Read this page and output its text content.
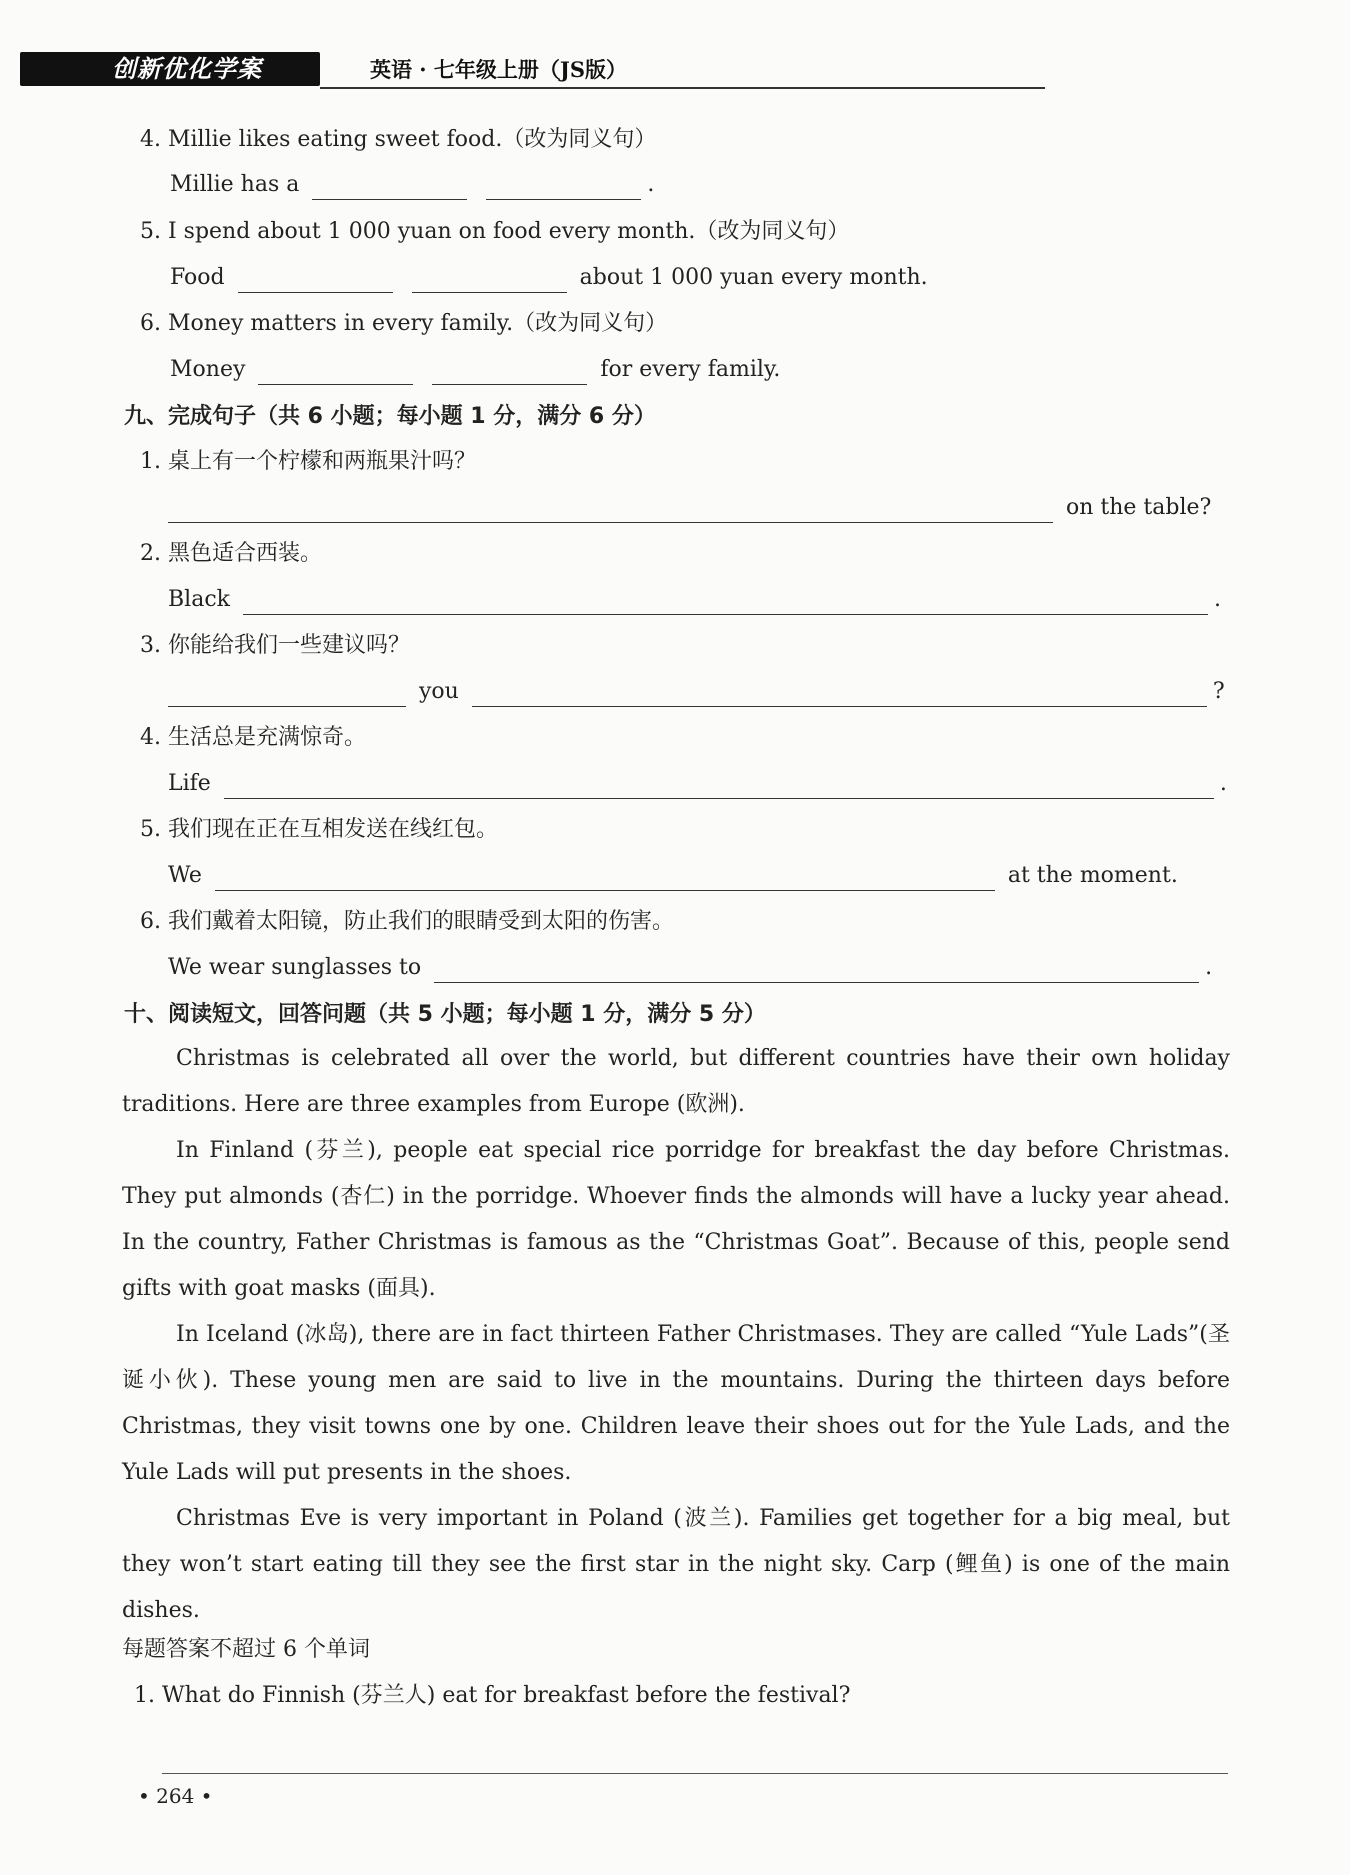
创新优化学案	英语 · 七年级上册（JS版）
4. Millie likes eating sweet food.（改为同义句）
Millie has a	.
5. I spend about 1 000 yuan on food every month.（改为同义句）
Food	about 1 000 yuan every month.
6. Money matters in every family.（改为同义句）
Money	for every family.
九、完成句子（共 6 小题；每小题 1 分，满分 6 分）
1. 桌上有一个柠檬和两瓶果汁吗？
on the table?
2. 黑色适合西装。
Black	.
3. 你能给我们一些建议吗？
you	?
4. 生活总是充满惊奇。
Life	.
5. 我们现在正在互相发送在线红包。
We	at the moment.
6. 我们戴着太阳镜，防止我们的眼睛受到太阳的伤害。
We wear sunglasses to	.
十、阅读短文，回答问题（共 5 小题；每小题 1 分，满分 5 分）
Christmas is celebrated all over the world, but different countries have their own holiday traditions. Here are three examples from Europe (欧洲).
In Finland (芬兰), people eat special rice porridge for breakfast the day before Christmas. They put almonds (杏仁) in the porridge. Whoever finds the almonds will have a lucky year ahead. In the country, Father Christmas is famous as the “Christmas Goat”. Because of this, people send gifts with goat masks (面具).
In Iceland (冰岛), there are in fact thirteen Father Christmases. They are called “Yule Lads”(圣诞小伙). These young men are said to live in the mountains. During the thirteen days before Christmas, they visit towns one by one. Children leave their shoes out for the Yule Lads, and the Yule Lads will put presents in the shoes.
Christmas Eve is very important in Poland (波兰). Families get together for a big meal, but they won’t start eating till they see the first star in the night sky. Carp (鲤鱼) is one of the main dishes.
每题答案不超过 6 个单词
1. What do Finnish (芬兰人) eat for breakfast before the festival?
• 264 •
